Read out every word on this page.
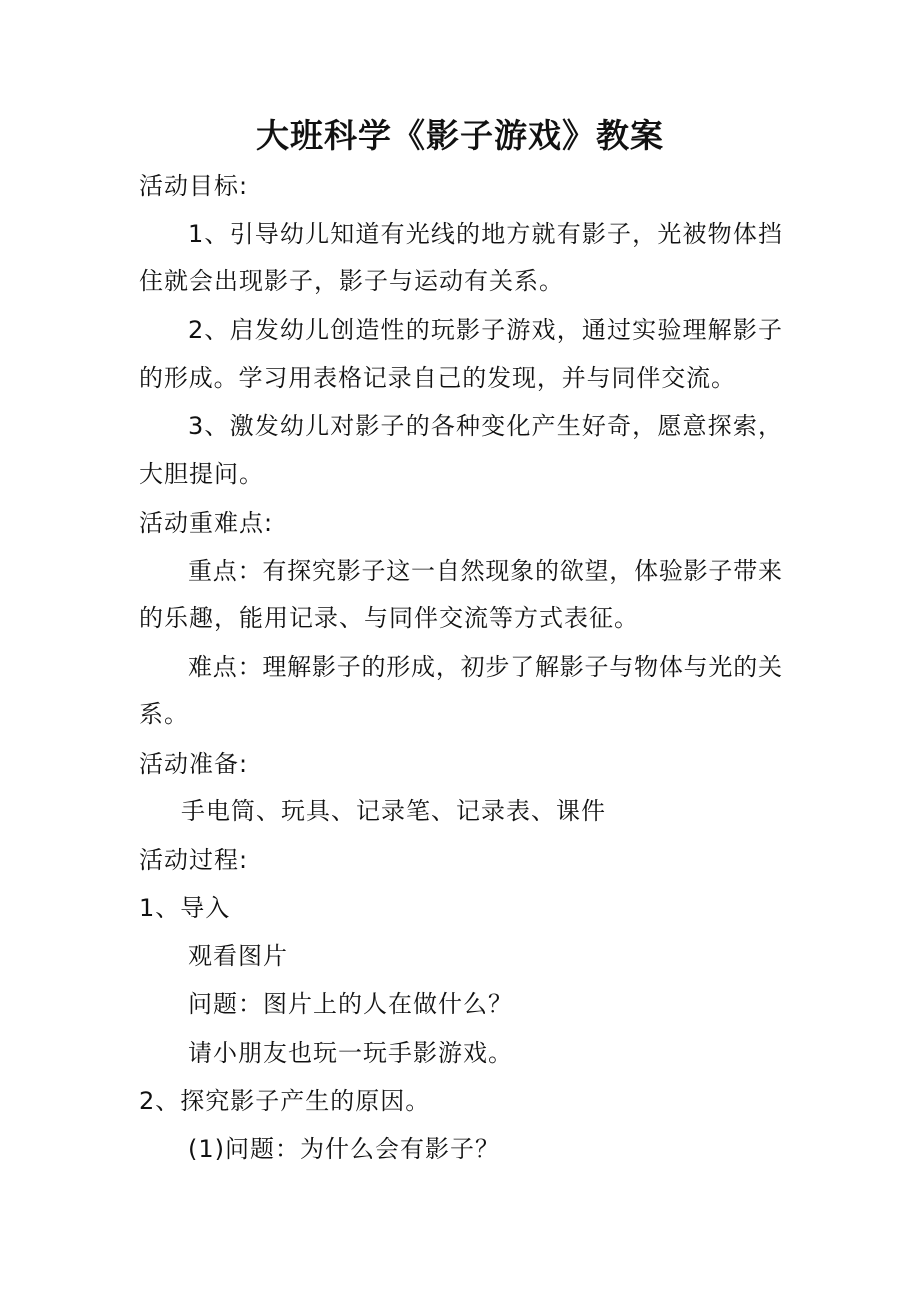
大班科学《影子游戏》教案
活动目标:
1、引导幼儿知道有光线的地方就有影子，光被物体挡
住就会出现影子，影子与运动有关系。
2、启发幼儿创造性的玩影子游戏，通过实验理解影子
的形成。学习用表格记录自己的发现，并与同伴交流。
3、激发幼儿对影子的各种变化产生好奇，愿意探索，
大胆提问。
活动重难点:
重点：有探究影子这一自然现象的欲望，体验影子带来
的乐趣，能用记录、与同伴交流等方式表征。
难点：理解影子的形成，初步了解影子与物体与光的关
系。
活动准备:
手电筒、玩具、记录笔、记录表、课件
活动过程:
1、导入
观看图片
问题：图片上的人在做什么？
请小朋友也玩一玩手影游戏。
2、探究影子产生的原因。
(1)问题：为什么会有影子？
